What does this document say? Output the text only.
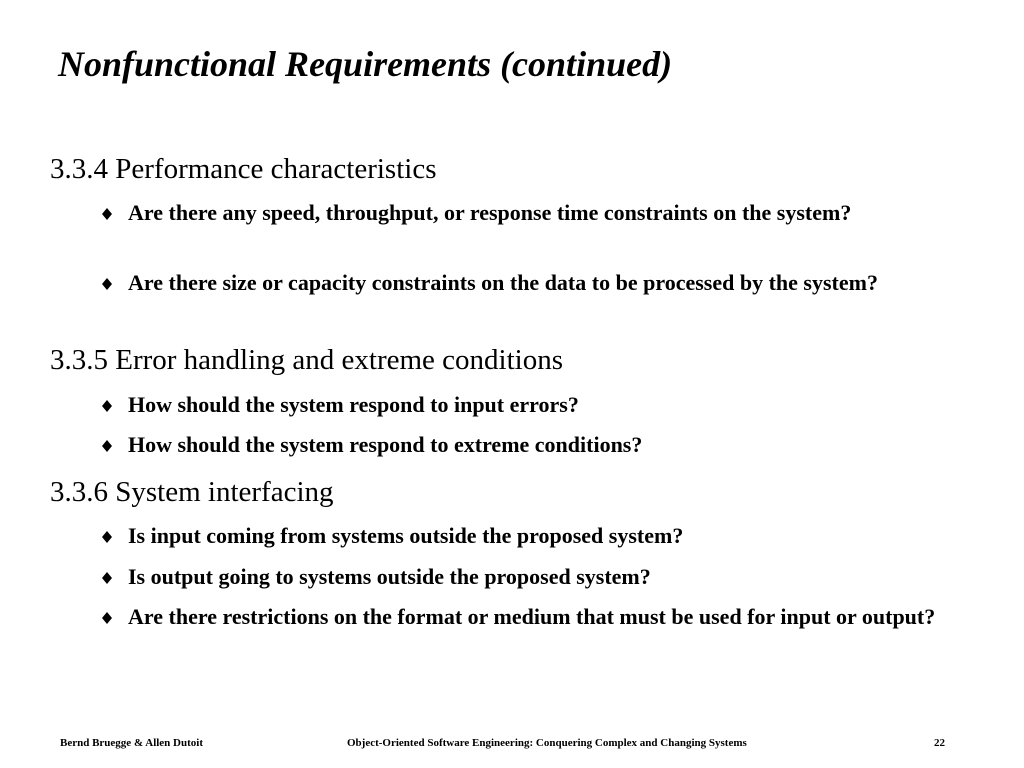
Nonfunctional Requirements (continued)
3.3.4 Performance characteristics
Are there any speed, throughput, or response time constraints on the system?
Are there size or capacity constraints on the data to be processed by the system?
3.3.5 Error handling and extreme conditions
How should the system respond to input errors?
How should the system respond to extreme conditions?
3.3.6 System interfacing
Is input coming from systems outside the proposed system?
Is output going to systems outside the proposed system?
Are there restrictions on the format or medium that must be used for input or output?
Bernd Bruegge & Allen Dutoit	Object-Oriented Software Engineering: Conquering Complex and Changing Systems	22
